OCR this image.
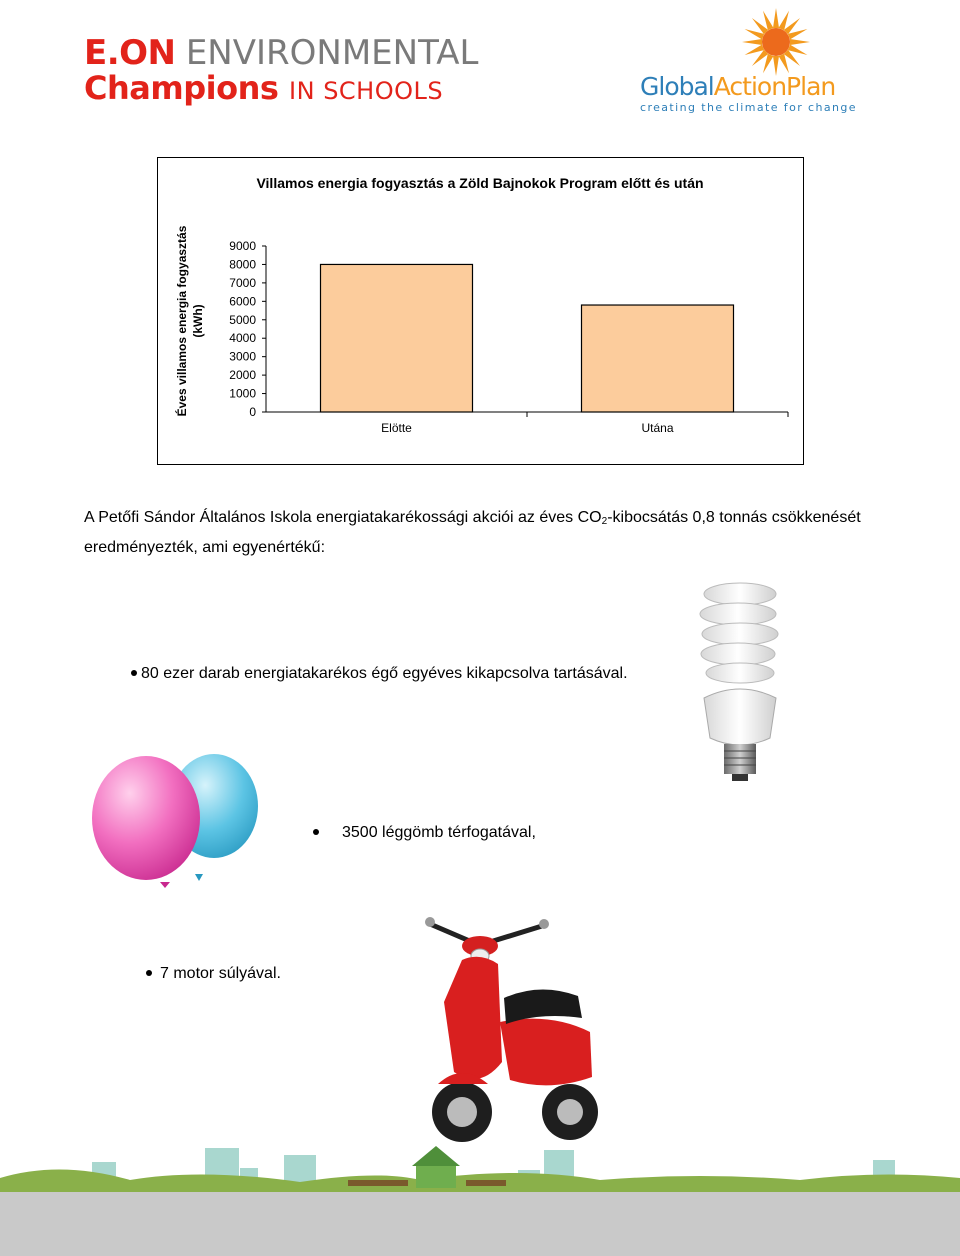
E.ON ENVIRONMENTAL
Champions IN SCHOOLS	GlobalActionPlan
creating the climate for change
Villamos energia fogyasztás a Zöld Bajnokok Program előtt és után
Éves villamos energia fogyasztás (kWh)
0
1000
2000
3000
4000
5000
6000
7000
8000
9000
Elötte	Utána
A Petőfi Sándor Általános Iskola energiatakarékossági akciói az éves $CO_2$-kibocsátás 0,8 tonnás csökkenését eredményezték, ami egyenértékű:
80 ezer darab energiatakarékos égő egyéves kikapcsolva tartásával.
3500 léggömb térfogatával,
7 motor súlyával.
